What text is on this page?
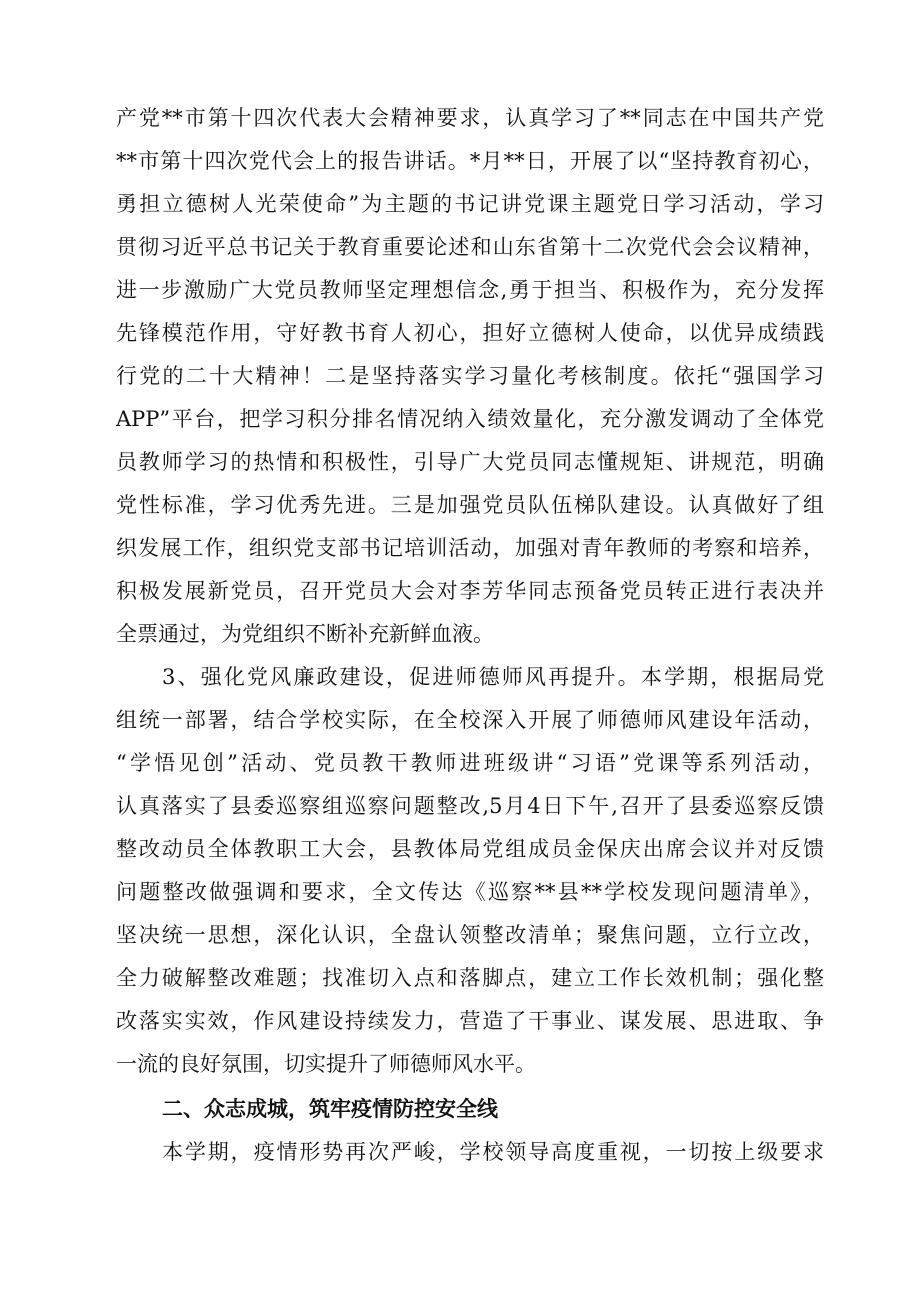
产党**市第十四次代表大会精神要求，认真学习了**同志在中国共产党
**市第十四次党代会上的报告讲话。*月**日，开展了以“坚持教育初心，
勇担立德树人光荣使命”为主题的书记讲党课主题党日学习活动，学习
贯彻习近平总书记关于教育重要论述和山东省第十二次党代会会议精神，
进一步激励广大党员教师坚定理想信念,勇于担当、积极作为，充分发挥
先锋模范作用，守好教书育人初心，担好立德树人使命，以优异成绩践
行党的二十大精神！二是坚持落实学习量化考核制度。依托“强国学习
APP”平台，把学习积分排名情况纳入绩效量化，充分激发调动了全体党
员教师学习的热情和积极性，引导广大党员同志懂规矩、讲规范，明确
党性标准，学习优秀先进。三是加强党员队伍梯队建设。认真做好了组
织发展工作，组织党支部书记培训活动，加强对青年教师的考察和培养，
积极发展新党员，召开党员大会对李芳华同志预备党员转正进行表决并
全票通过，为党组织不断补充新鲜血液。
3、强化党风廉政建设，促进师德师风再提升。本学期，根据局党
组统一部署，结合学校实际，在全校深入开展了师德师风建设年活动，
“学悟见创”活动、党员教干教师进班级讲“习语”党课等系列活动，
认真落实了县委巡察组巡察问题整改,5月4日下午,召开了县委巡察反馈
整改动员全体教职工大会，县教体局党组成员金保庆出席会议并对反馈
问题整改做强调和要求，全文传达《巡察**县**学校发现问题清单》，
坚决统一思想，深化认识，全盘认领整改清单；聚焦问题，立行立改，
全力破解整改难题；找准切入点和落脚点，建立工作长效机制；强化整
改落实实效，作风建设持续发力，营造了干事业、谋发展、思进取、争
一流的良好氛围，切实提升了师德师风水平。
二、众志成城，筑牢疫情防控安全线
本学期，疫情形势再次严峻，学校领导高度重视，一切按上级要求
